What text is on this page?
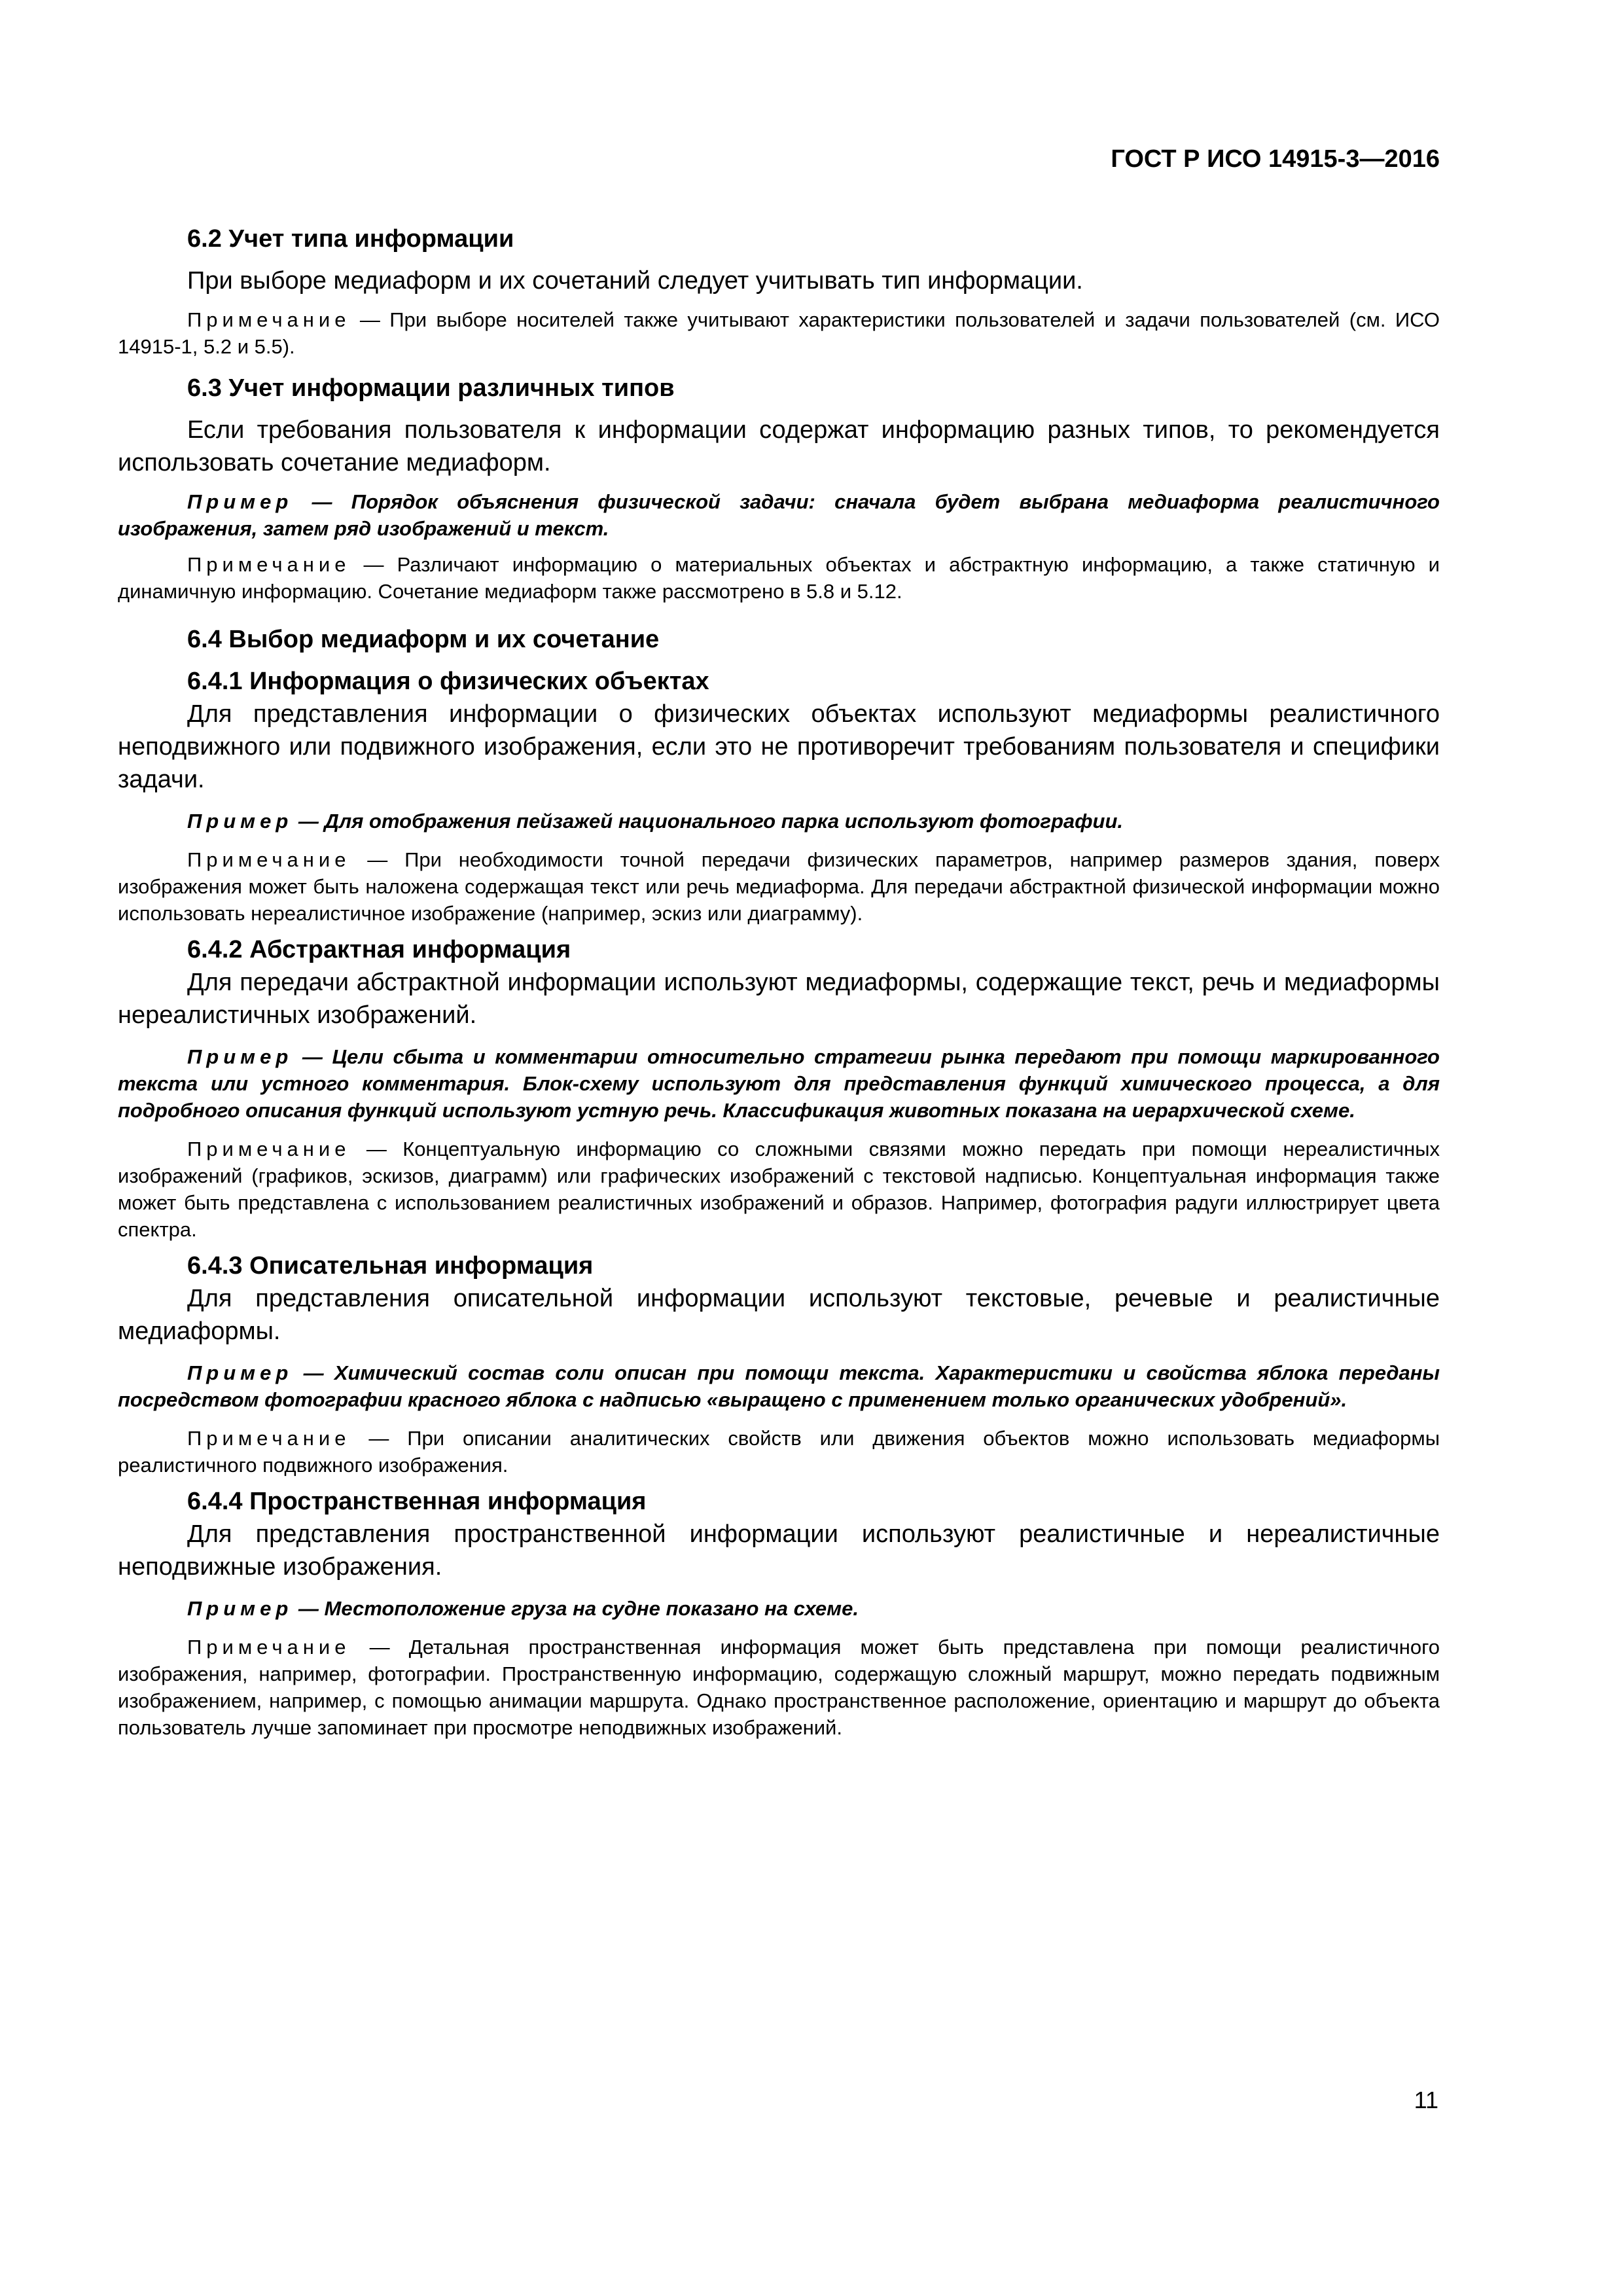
ГОСТ Р ИСО 14915-3—2016
6.2 Учет типа информации

При выборе медиаформ и их сочетаний следует учитывать тип информации.

Примечание — При выборе носителей также учитывают характеристики пользователей и задачи пользователей (см. ИСО 14915-1, 5.2 и 5.5).

6.3 Учет информации различных типов

Если требования пользователя к информации содержат информацию разных типов, то рекомендуется использовать сочетание медиаформ.

Пример — Порядок объяснения физической задачи: сначала будет выбрана медиаформа реалистичного изображения, затем ряд изображений и текст.

Примечание — Различают информацию о материальных объектах и абстрактную информацию, а также статичную и динамичную информацию. Сочетание медиаформ также рассмотрено в 5.8 и 5.12.

6.4 Выбор медиаформ и их сочетание
6.4.1 Информация о физических объектах

Для представления информации о физических объектах используют медиаформы реалистичного неподвижного или подвижного изображения, если это не противоречит требованиям пользователя и специфики задачи.

Пример — Для отображения пейзажей национального парка используют фотографии.

Примечание — При необходимости точной передачи физических параметров, например размеров здания, поверх изображения может быть наложена содержащая текст или речь медиаформа. Для передачи абстрактной физической информации можно использовать нереалистичное изображение (например, эскиз или диаграмму).

6.4.2 Абстрактная информация

Для передачи абстрактной информации используют медиаформы, содержащие текст, речь и медиаформы нереалистичных изображений.

Пример — Цели сбыта и комментарии относительно стратегии рынка передают при помощи маркированного текста или устного комментария. Блок-схему используют для представления функций химического процесса, а для подробного описания функций используют устную речь. Классификация животных показана на иерархической схеме.

Примечание — Концептуальную информацию со сложными связями можно передать при помощи нереалистичных изображений (графиков, эскизов, диаграмм) или графических изображений с текстовой надписью. Концептуальная информация также может быть представлена с использованием реалистичных изображений и образов. Например, фотография радуги иллюстрирует цвета спектра.

6.4.3 Описательная информация

Для представления описательной информации используют текстовые, речевые и реалистичные медиаформы.

Пример — Химический состав соли описан при помощи текста. Характеристики и свойства яблока переданы посредством фотографии красного яблока с надписью «выращено с применением только органических удобрений».

Примечание — При описании аналитических свойств или движения объектов можно использовать медиаформы реалистичного подвижного изображения.

6.4.4 Пространственная информация

Для представления пространственной информации используют реалистичные и нереалистичные неподвижные изображения.

Пример — Местоположение груза на судне показано на схеме.

Примечание — Детальная пространственная информация может быть представлена при помощи реалистичного изображения, например, фотографии. Пространственную информацию, содержащую сложный маршрут, можно передать подвижным изображением, например, с помощью анимации маршрута. Однако пространственное расположение, ориентацию и маршрут до объекта пользователь лучше запоминает при просмотре неподвижных изображений.

11
